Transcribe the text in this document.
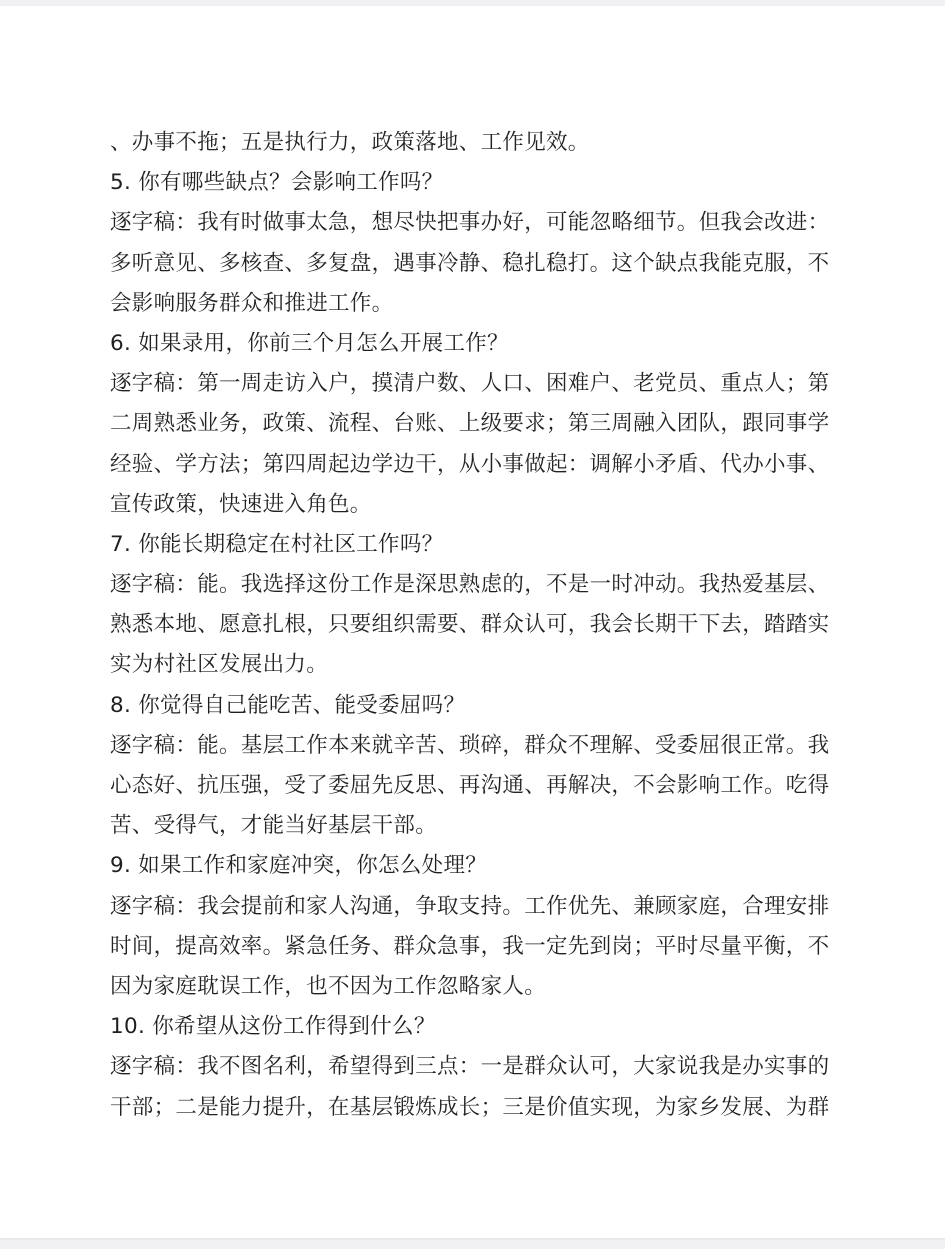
、办事不拖；五是执行力，政策落地、工作见效。
5. 你有哪些缺点？会影响工作吗？
逐字稿：我有时做事太急，想尽快把事办好，可能忽略细节。但我会改进：
多听意见、多核查、多复盘，遇事冷静、稳扎稳打。这个缺点我能克服，不
会影响服务群众和推进工作。
6. 如果录用，你前三个月怎么开展工作？
逐字稿：第一周走访入户，摸清户数、人口、困难户、老党员、重点人；第
二周熟悉业务，政策、流程、台账、上级要求；第三周融入团队，跟同事学
经验、学方法；第四周起边学边干，从小事做起：调解小矛盾、代办小事、
宣传政策，快速进入角色。
7. 你能长期稳定在村社区工作吗？
逐字稿：能。我选择这份工作是深思熟虑的，不是一时冲动。我热爱基层、
熟悉本地、愿意扎根，只要组织需要、群众认可，我会长期干下去，踏踏实
实为村社区发展出力。
8. 你觉得自己能吃苦、能受委屈吗？
逐字稿：能。基层工作本来就辛苦、琐碎，群众不理解、受委屈很正常。我
心态好、抗压强，受了委屈先反思、再沟通、再解决，不会影响工作。吃得
苦、受得气，才能当好基层干部。
9. 如果工作和家庭冲突，你怎么处理？
逐字稿：我会提前和家人沟通，争取支持。工作优先、兼顾家庭，合理安排
时间，提高效率。紧急任务、群众急事，我一定先到岗；平时尽量平衡，不
因为家庭耽误工作，也不因为工作忽略家人。
10. 你希望从这份工作得到什么？
逐字稿：我不图名利，希望得到三点：一是群众认可，大家说我是办实事的
干部；二是能力提升，在基层锻炼成长；三是价值实现，为家乡发展、为群
